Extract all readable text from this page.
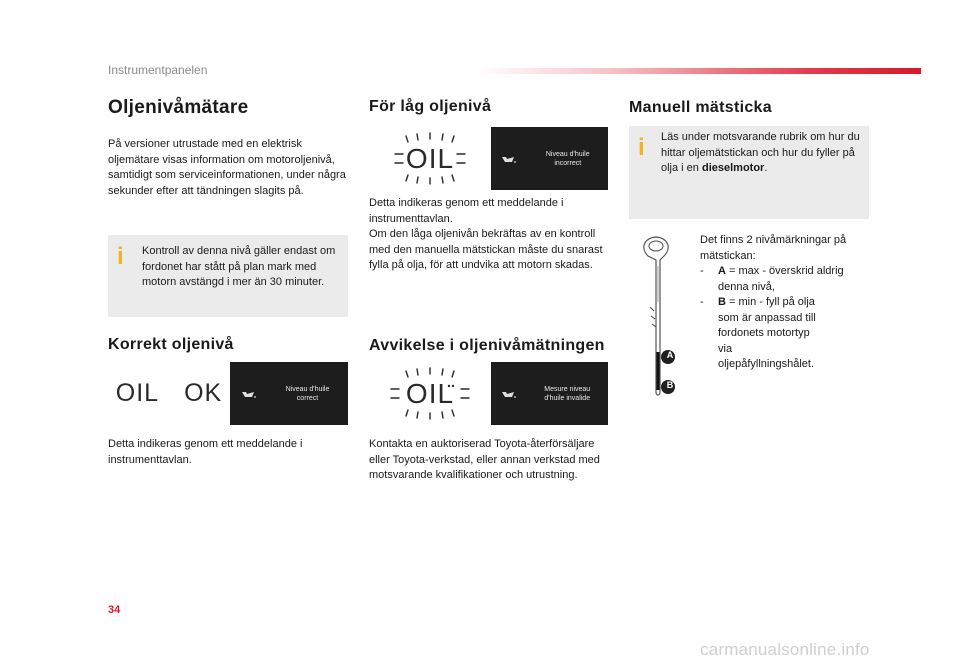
Instrumentpanelen
Oljenivåmätare
På versioner utrustade med en elektrisk oljemätare visas information om motoroljenivå, samtidigt som serviceinformationen, under några sekunder efter att tändningen slagits på.
i Kontroll av denna nivå gäller endast om fordonet har stått på plan mark med motorn avstängd i mer än 30 minuter.
Korrekt oljenivå
OIL OK	Niveau d'huile correct
Detta indikeras genom ett meddelande i instrumenttavlan.
För låg oljenivå
OIL	Niveau d'huile incorrect
Detta indikeras genom ett meddelande i instrumenttavlan.
Om den låga oljenivån bekräftas av en kontroll med den manuella mätstickan måste du snarast fylla på olja, för att undvika att motorn skadas.
Avvikelse i oljenivåmätningen
OIL	Mesure niveau d'huile invalide
Kontakta en auktoriserad Toyota-återförsäljare eller Toyota-verkstad, eller annan verkstad med motsvarande kvalifikationer och utrustning.
Manuell mätsticka
i Läs under motsvarande rubrik om hur du hittar oljemätstickan och hur du fyller på olja i en dieselmotor.
A
B
Det finns 2 nivåmärkningar på mätstickan:
-	A = max - överskrid aldrig denna nivå,
-	B = min - fyll på olja som är anpassad till fordonets motortyp via oljepåfyllningshålet.
34
carmanualsonline.info
